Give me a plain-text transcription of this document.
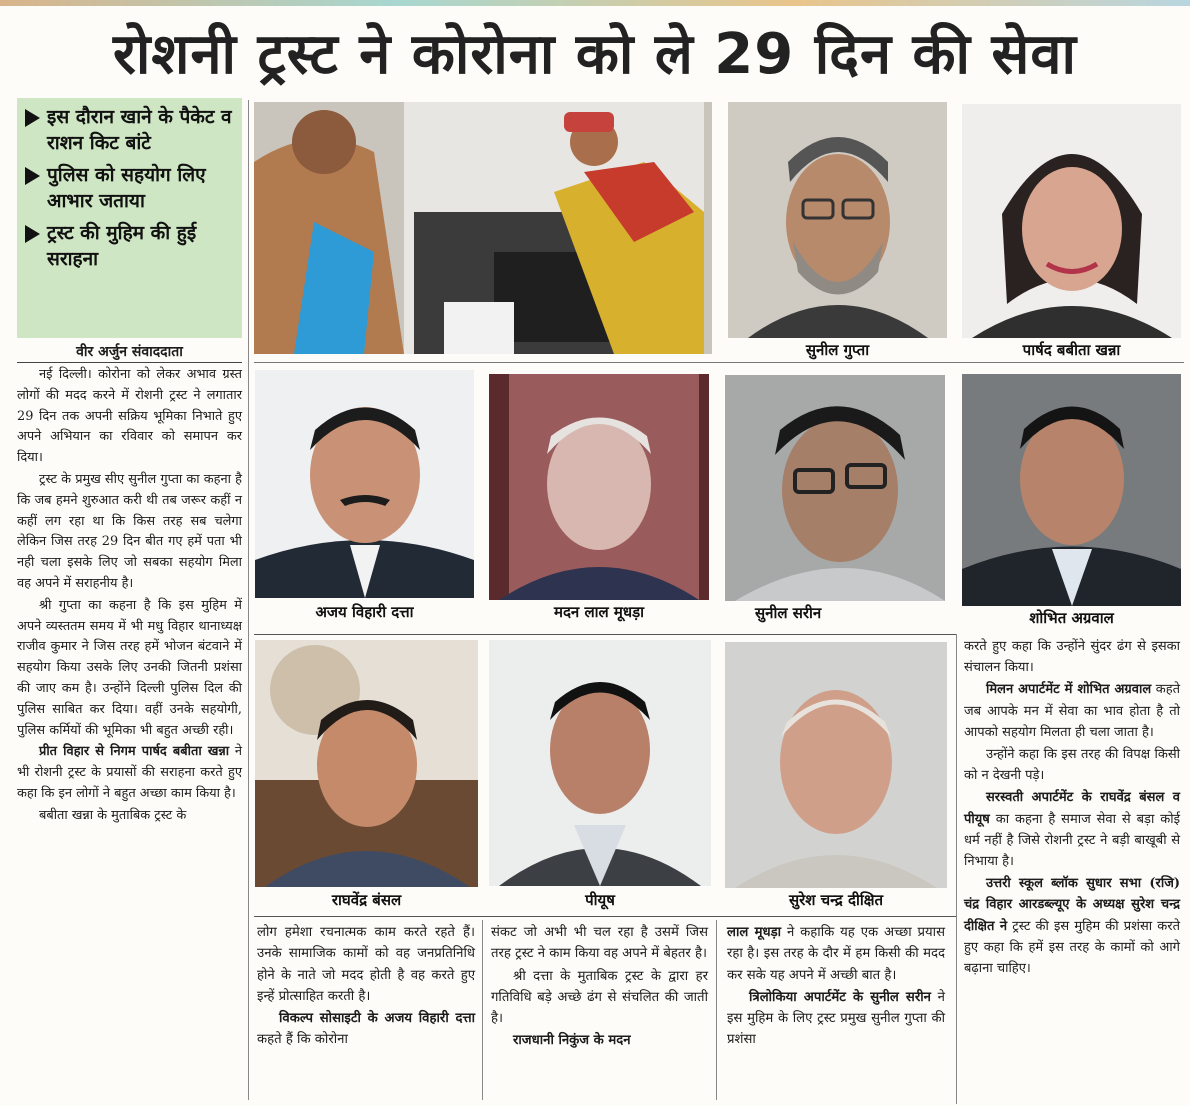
रोशनी ट्रस्ट ने कोरोना को ले 29 दिन की सेवा
इस दौरान खाने के पैकेट व राशन किट बांटे
पुलिस को सहयोग लिए आभार जताया
ट्रस्ट की मुहिम की हुई सराहना
वीर अर्जुन संवाददाता

नई दिल्ली। कोरोना को लेकर अभाव ग्रस्त लोगों की मदद करने में रोशनी ट्रस्ट ने लगातार 29 दिन तक अपनी सक्रिय भूमिका निभाते हुए अपने अभियान का रविवार को समापन कर दिया।

ट्रस्ट के प्रमुख सीए सुनील गुप्ता का कहना है कि जब हमने शुरुआत करी थी तब जरूर कहीं न कहीं लग रहा था कि किस तरह सब चलेगा लेकिन जिस तरह 29 दिन बीत गए हमें पता भी नही चला इसके लिए जो सबका सहयोग मिला वह अपने में सराहनीय है।

श्री गुप्ता का कहना है कि इस मुहिम में अपने व्यस्ततम समय में भी मधु विहार थानाध्यक्ष राजीव कुमार ने जिस तरह हमें भोजन बंटवाने में सहयोग किया उसके लिए उनकी जितनी प्रशंसा की जाए कम है। उन्होंने दिल्ली पुलिस दिल की पुलिस साबित कर दिया। वहीं उनके सहयोगी, पुलिस कर्मियों की भूमिका भी बहुत अच्छी रही।

प्रीत विहार से निगम पार्षद बबीता खन्ना ने भी रोशनी ट्रस्ट के प्रयासों की सराहना करते हुए कहा कि इन लोगों ने बहुत अच्छा काम किया है।

बबीता खन्ना के मुताबिक ट्रस्ट के

सुनील गुप्ता	पार्षद बबीता खन्ना
अजय विहारी दत्ता	मदन लाल मूधड़ा	सुनील सरीन	शोभित अग्रवाल
राघवेंद्र बंसल	पीयूष	सुरेश चन्द्र दीक्षित

लोग हमेशा रचनात्मक काम करते रहते हैं। उनके सामाजिक कामों को वह जनप्रतिनिधि होने के नाते जो मदद होती है वह करते हुए इन्हें प्रोत्साहित करती है।

विकल्प सोसाइटी के अजय विहारी दत्ता कहते हैं कि कोरोना

संकट जो अभी भी चल रहा है उसमें जिस तरह ट्रस्ट ने काम किया वह अपने में बेहतर है।

श्री दत्ता के मुताबिक ट्रस्ट के द्वारा हर गतिविधि बड़े अच्छे ढंग से संचलित की जाती है।

राजधानी निकुंज के मदन

लाल मूधड़ा ने कहाकि यह एक अच्छा प्रयास रहा है। इस तरह के दौर में हम किसी की मदद कर सके यह अपने में अच्छी बात है।

त्रिलोकिया अपार्टमेंट के सुनील सरीन ने इस मुहिम के लिए ट्रस्ट प्रमुख सुनील गुप्ता की प्रशंसा

करते हुए कहा कि उन्होंने सुंदर ढंग से इसका संचालन किया।

मिलन अपार्टमेंट में शोभित अग्रवाल कहते जब आपके मन में सेवा का भाव होता है तो आपको सहयोग मिलता ही चला जाता है।

उन्होंने कहा कि इस तरह की विपक्ष किसी को न देखनी पड़े।

सरस्वती अपार्टमेंट के राघवेंद्र बंसल व पीयूष का कहना है समाज सेवा से बड़ा कोई धर्म नहीं है जिसे रोशनी ट्रस्ट ने बड़ी बाखूबी से निभाया है।

उत्तरी स्कूल ब्लॉक सुधार सभा (रजि) चंद्र विहार आरडब्ल्यूए के अध्यक्ष सुरेश चन्द्र दीक्षित ने ट्रस्ट की इस मुहिम की प्रशंसा करते हुए कहा कि हमें इस तरह के कामों को आगे बढ़ाना चाहिए।
